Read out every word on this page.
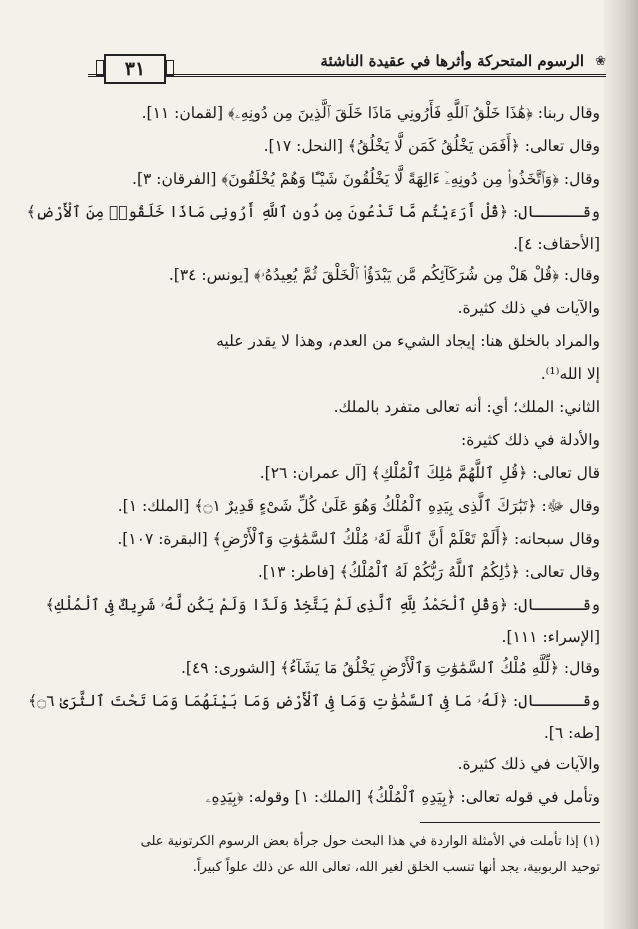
❀
الرسوم المتحركة وأثرها في عقيدة الناشئة
٣١
وقال ربنا: ﴿هَٰذَا خَلْقُ ٱللَّهِ فَأَرُونِي مَاذَا خَلَقَ ٱلَّذِينَ مِن دُونِهِۦ﴾ [لقمان: ١١].
وقال تعالى: ﴿أَفَمَن يَخْلُقُ كَمَن لَّا يَخْلُقُ﴾ [النحل: ١٧].
وقال: ﴿وَٱتَّخَذُوا۟ مِن دُونِهِۦٓ ءَالِهَةً لَّا يَخْلُقُونَ شَيْـًٔا وَهُمْ يُخْلَقُونَ﴾ [الفرقان: ٣].
وقـــــال: ﴿قُلْ أَرَءَيْتُم مَّا تَدْعُونَ مِن دُونِ ٱللَّهِ أَرُونِى مَاذَا خَلَقُوا۟ مِنَ ٱلْأَرْضِ﴾
[الأحقاف: ٤].
وقال: ﴿قُلْ هَلْ مِن شُرَكَآئِكُم مَّن يَبْدَؤُا۟ ٱلْخَلْقَ ثُمَّ يُعِيدُهُۥ﴾ [يونس: ٣٤].
والآيات في ذلك كثيرة.
والمراد بالخلق هنا: إيجاد الشيء من العدم، وهذا لا يقدر عليه
إلا الله⁽¹⁾.
الثاني: الملك؛ أي: أنه تعالى متفرد بالملك.
والأدلة في ذلك كثيرة:
قال تعالى: ﴿قُلِ ٱللَّهُمَّ مَٰلِكَ ٱلْمُلْكِ﴾ [آل عمران: ٢٦].
وقال ﷻ: ﴿تَبَٰرَكَ ٱلَّذِى بِيَدِهِ ٱلْمُلْكُ وَهُوَ عَلَىٰ كُلِّ شَىْءٍ قَدِيرٌ ۝١﴾ [الملك: ١].
وقال سبحانه: ﴿أَلَمْ تَعْلَمْ أَنَّ ٱللَّهَ لَهُۥ مُلْكُ ٱلسَّمَٰوَٰتِ وَٱلْأَرْضِ﴾ [البقرة: ١٠٧].
وقال تعالى: ﴿ذَٰلِكُمُ ٱللَّهُ رَبُّكُمْ لَهُ ٱلْمُلْكُ﴾ [فاطر: ١٣].
وقـــــال: ﴿وَقُلِ ٱلْحَمْدُ لِلَّهِ ٱلَّذِى لَمْ يَتَّخِذْ وَلَدًا وَلَمْ يَكُن لَّهُۥ شَرِيكٌ فِى ٱلْمُلْكِ﴾
[الإسراء: ١١١].
وقال: ﴿لِّلَّهِ مُلْكُ ٱلسَّمَٰوَٰتِ وَٱلْأَرْضِ يَخْلُقُ مَا يَشَآءُ﴾ [الشورى: ٤٩].
وقـــــال: ﴿لَهُۥ مَا فِى ٱلسَّمَٰوَٰتِ وَمَا فِى ٱلْأَرْضِ وَمَا بَيْنَهُمَا وَمَا تَحْتَ ٱلثَّرَىٰ ۝٦﴾
[طه: ٦].
والآيات في ذلك كثيرة.
وتأمل في قوله تعالى: ﴿بِيَدِهِ ٱلْمُلْكُ﴾ [الملك: ١] وقوله: ﴿بِيَدِهِۦ
(١) إذا تأملت في الأمثلة الواردة في هذا البحث حول جرأة بعض الرسوم الكرتونية على
توحيد الربوبية، يجد أنها تنسب الخلق لغير الله، تعالى الله عن ذلك علواً كبيراً.
